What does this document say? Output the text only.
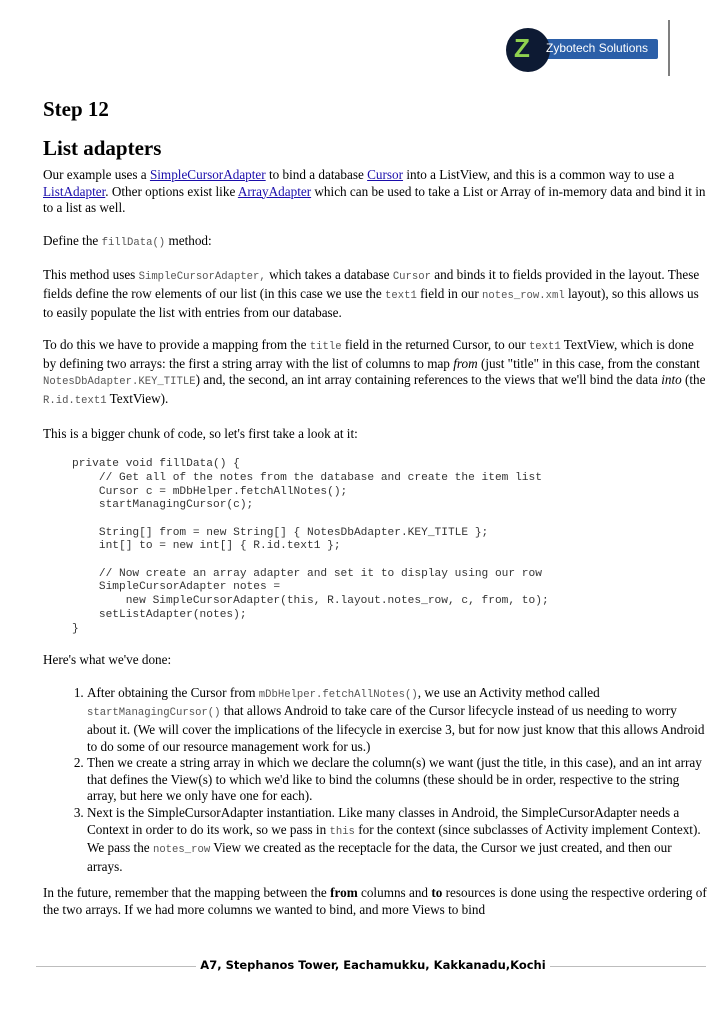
Z Zybotech Solutions
Step 12
List adapters

Our example uses a SimpleCursorAdapter to bind a database Cursor into a ListView, and this is a common way to use a ListAdapter. Other options exist like ArrayAdapter which can be used to take a List or Array of in-memory data and bind it in to a list as well.

Define the fillData() method:

This method uses SimpleCursorAdapter, which takes a database Cursor and binds it to fields provided in the layout. These fields define the row elements of our list (in this case we use the text1 field in our notes_row.xml layout), so this allows us to easily populate the list with entries from our database.

To do this we have to provide a mapping from the title field in the returned Cursor, to our text1 TextView, which is done by defining two arrays: the first a string array with the list of columns to map from (just "title" in this case, from the constant NotesDbAdapter.KEY_TITLE) and, the second, an int array containing references to the views that we'll bind the data into (the R.id.text1 TextView).

This is a bigger chunk of code, so let's first take a look at it:

private void fillData() {
// Get all of the notes from the database and create the item list
Cursor c = mDbHelper.fetchAllNotes();
startManagingCursor(c);

String[] from = new String[] { NotesDbAdapter.KEY_TITLE };
int[] to = new int[] { R.id.text1 };

// Now create an array adapter and set it to display using our row
SimpleCursorAdapter notes =
new SimpleCursorAdapter(this, R.layout.notes_row, c, from, to);
setListAdapter(notes);
}

Here's what we've done:

1. After obtaining the Cursor from mDbHelper.fetchAllNotes(), we use an Activity method called startManagingCursor() that allows Android to take care of the Cursor lifecycle instead of us needing to worry about it. (We will cover the implications of the lifecycle in exercise 3, but for now just know that this allows Android to do some of our resource management work for us.)
2. Then we create a string array in which we declare the column(s) we want (just the title, in this case), and an int array that defines the View(s) to which we'd like to bind the columns (these should be in order, respective to the string array, but here we only have one for each).
3. Next is the SimpleCursorAdapter instantiation. Like many classes in Android, the SimpleCursorAdapter needs a Context in order to do its work, so we pass in this for the context (since subclasses of Activity implement Context). We pass the notes_row View we created as the receptacle for the data, the Cursor we just created, and then our arrays.

In the future, remember that the mapping between the from columns and to resources is done using the respective ordering of the two arrays. If we had more columns we wanted to bind, and more Views to bind

A7, Stephanos Tower, Eachamukku, Kakkanadu,Kochi
